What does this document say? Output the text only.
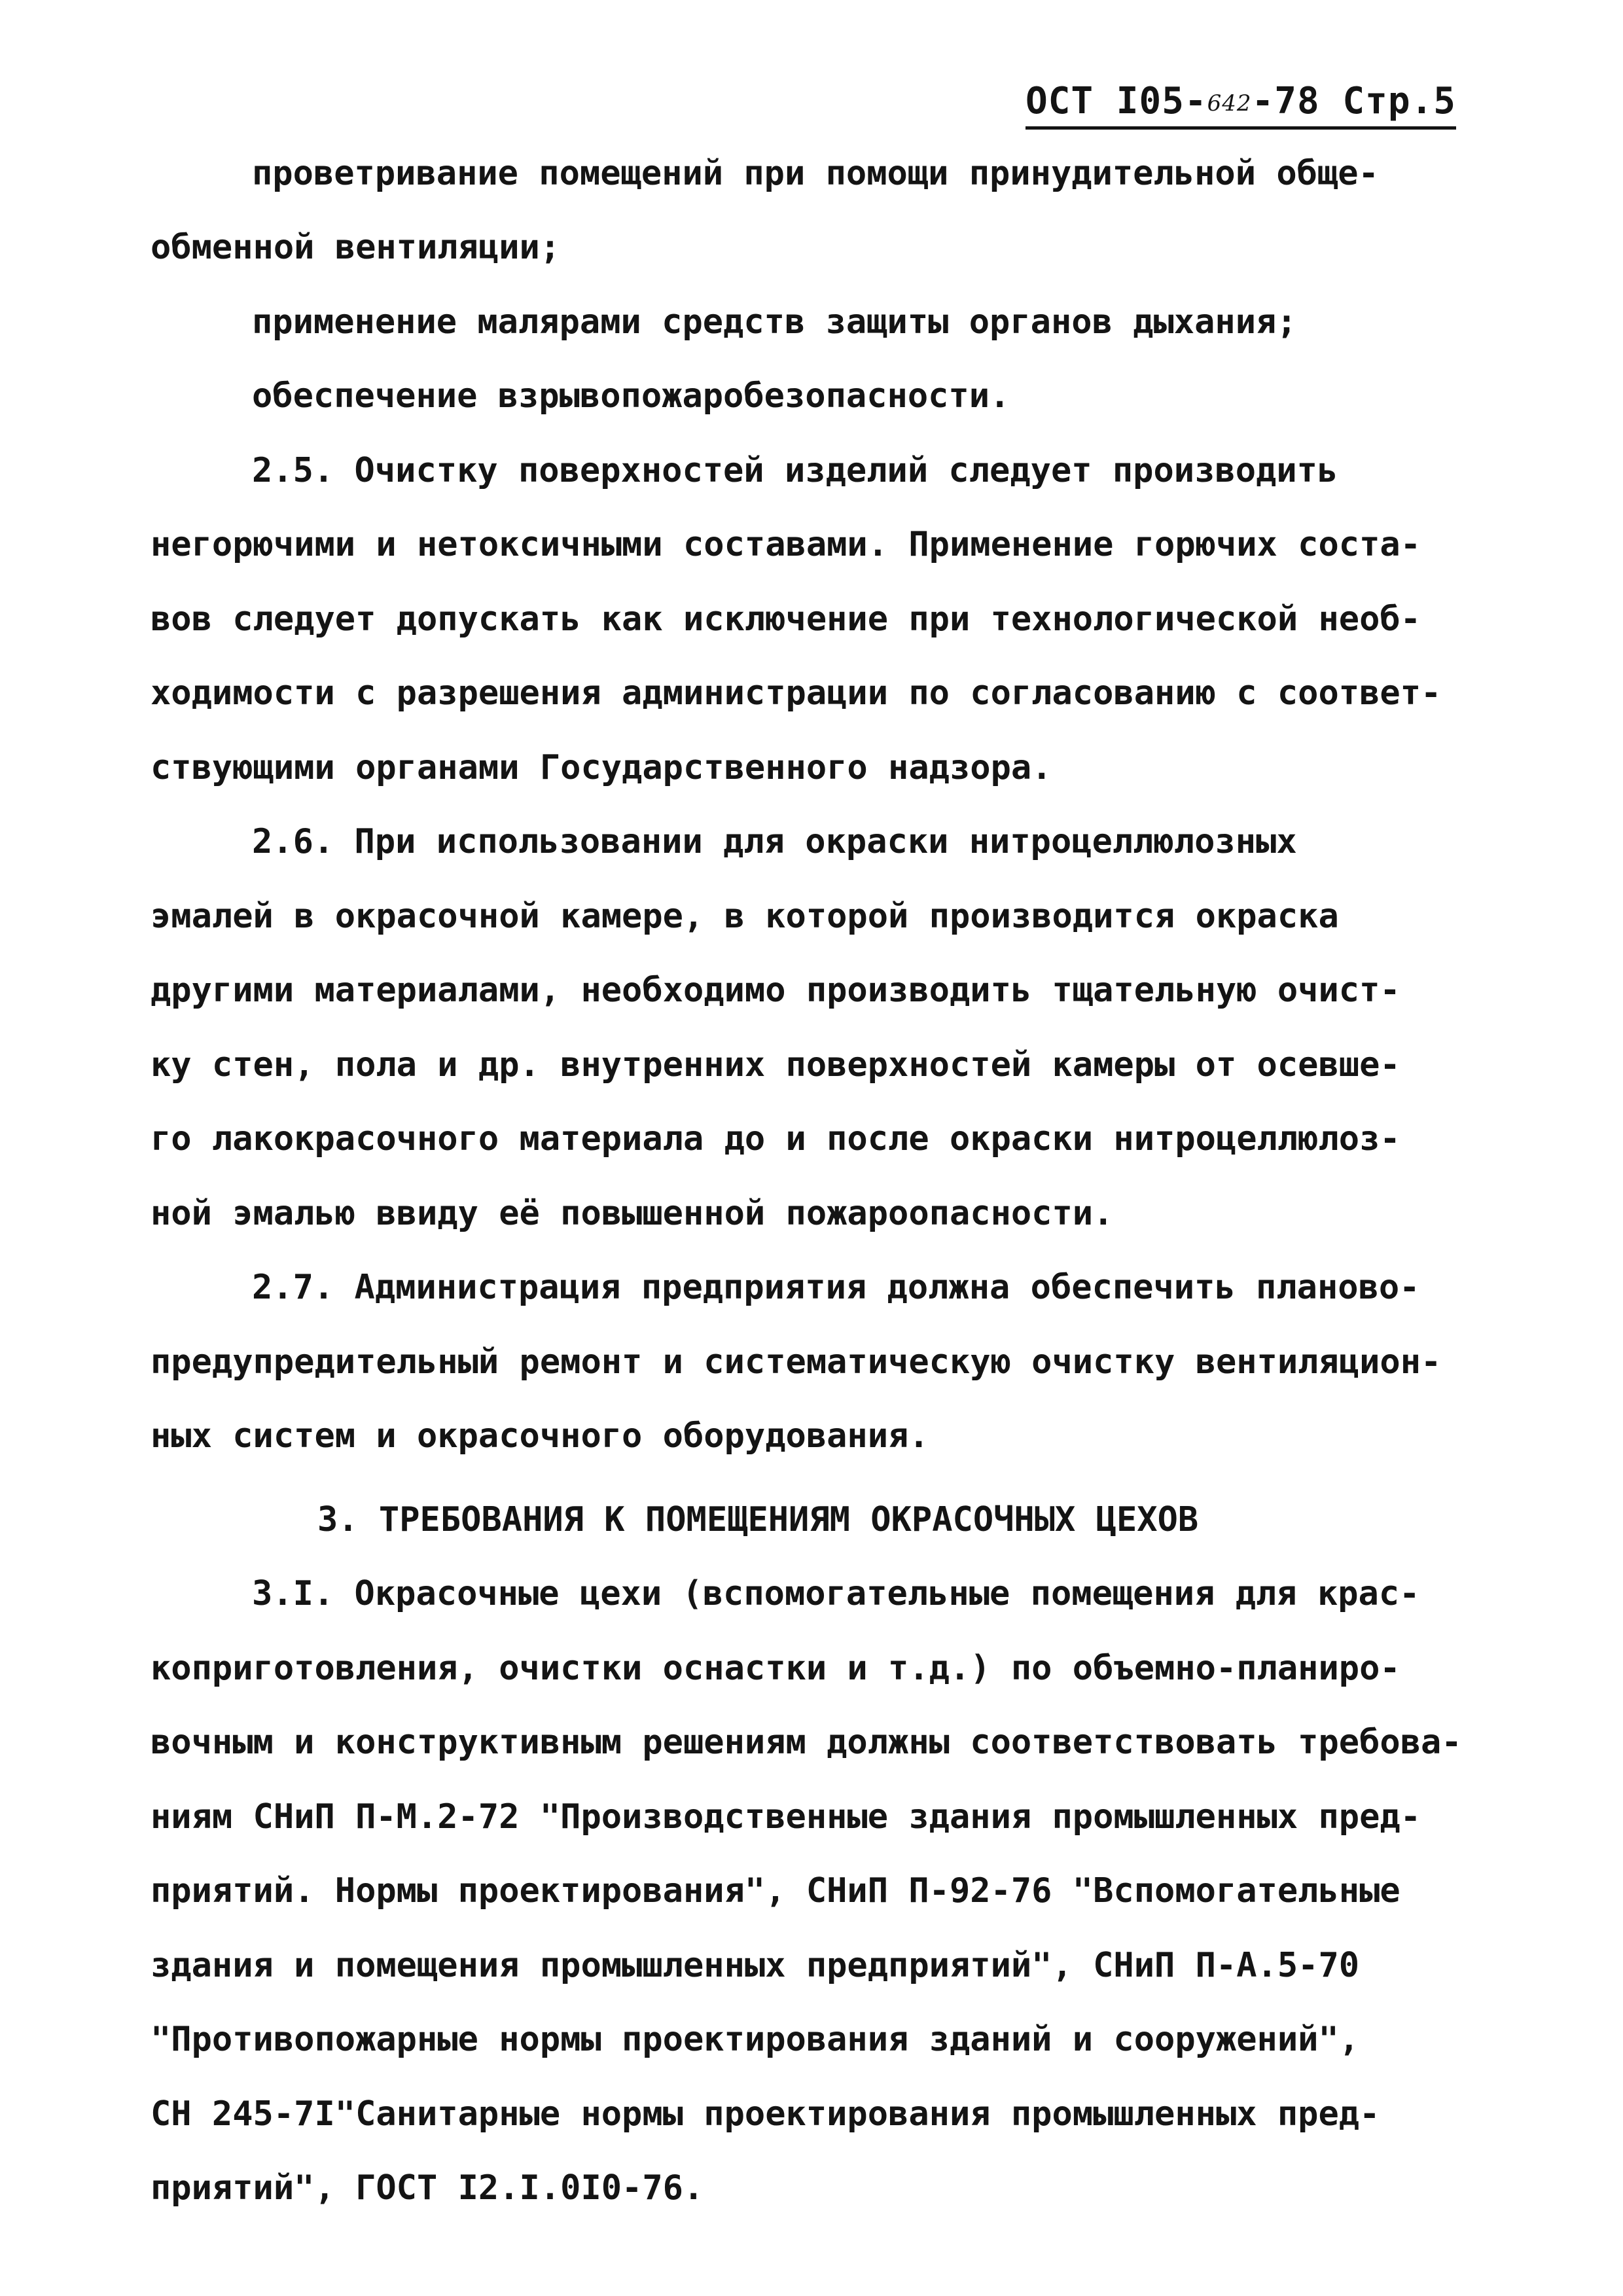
ОСТ I05-642-78 Стр.5
проветривание помещений при помощи принудительной обще-
обменной вентиляции;
применение малярами средств защиты органов дыхания;
обеспечение взрывопожаробезопасности.
2.5. Очистку поверхностей изделий следует производить
негорючими и нетоксичными составами. Применение горючих соста-
вов следует допускать как исключение при технологической необ-
ходимости с разрешения администрации по согласованию с соответ-
ствующими органами Государственного надзора.
2.6. При использовании для окраски нитроцеллюлозных
эмалей в окрасочной камере, в которой производится окраска
другими материалами, необходимо производить тщательную очист-
ку стен, пола и др. внутренних поверхностей камеры от осевше-
го лакокрасочного материала до и после окраски нитроцеллюлоз-
ной эмалью ввиду её повышенной пожароопасности.
2.7. Администрация предприятия должна обеспечить планово-
предупредительный ремонт и систематическую очистку вентиляцион-
ных систем и окрасочного оборудования.
3. ТРЕБОВАНИЯ К ПОМЕЩЕНИЯМ ОКРАСОЧНЫХ ЦЕХОВ
3.I. Окрасочные цехи (вспомогательные помещения для крас-
коприготовления, очистки оснастки и т.д.) по объемно-планиро-
вочным и конструктивным решениям должны соответствовать требова-
ниям СНиП П-М.2-72 "Производственные здания промышленных пред-
приятий. Нормы проектирования", СНиП П-92-76 "Вспомогательные
здания и помещения промышленных предприятий", СНиП П-А.5-70
"Противопожарные нормы проектирования зданий и сооружений",
СН 245-7I"Санитарные нормы проектирования промышленных пред-
приятий", ГОСТ I2.I.0I0-76.
